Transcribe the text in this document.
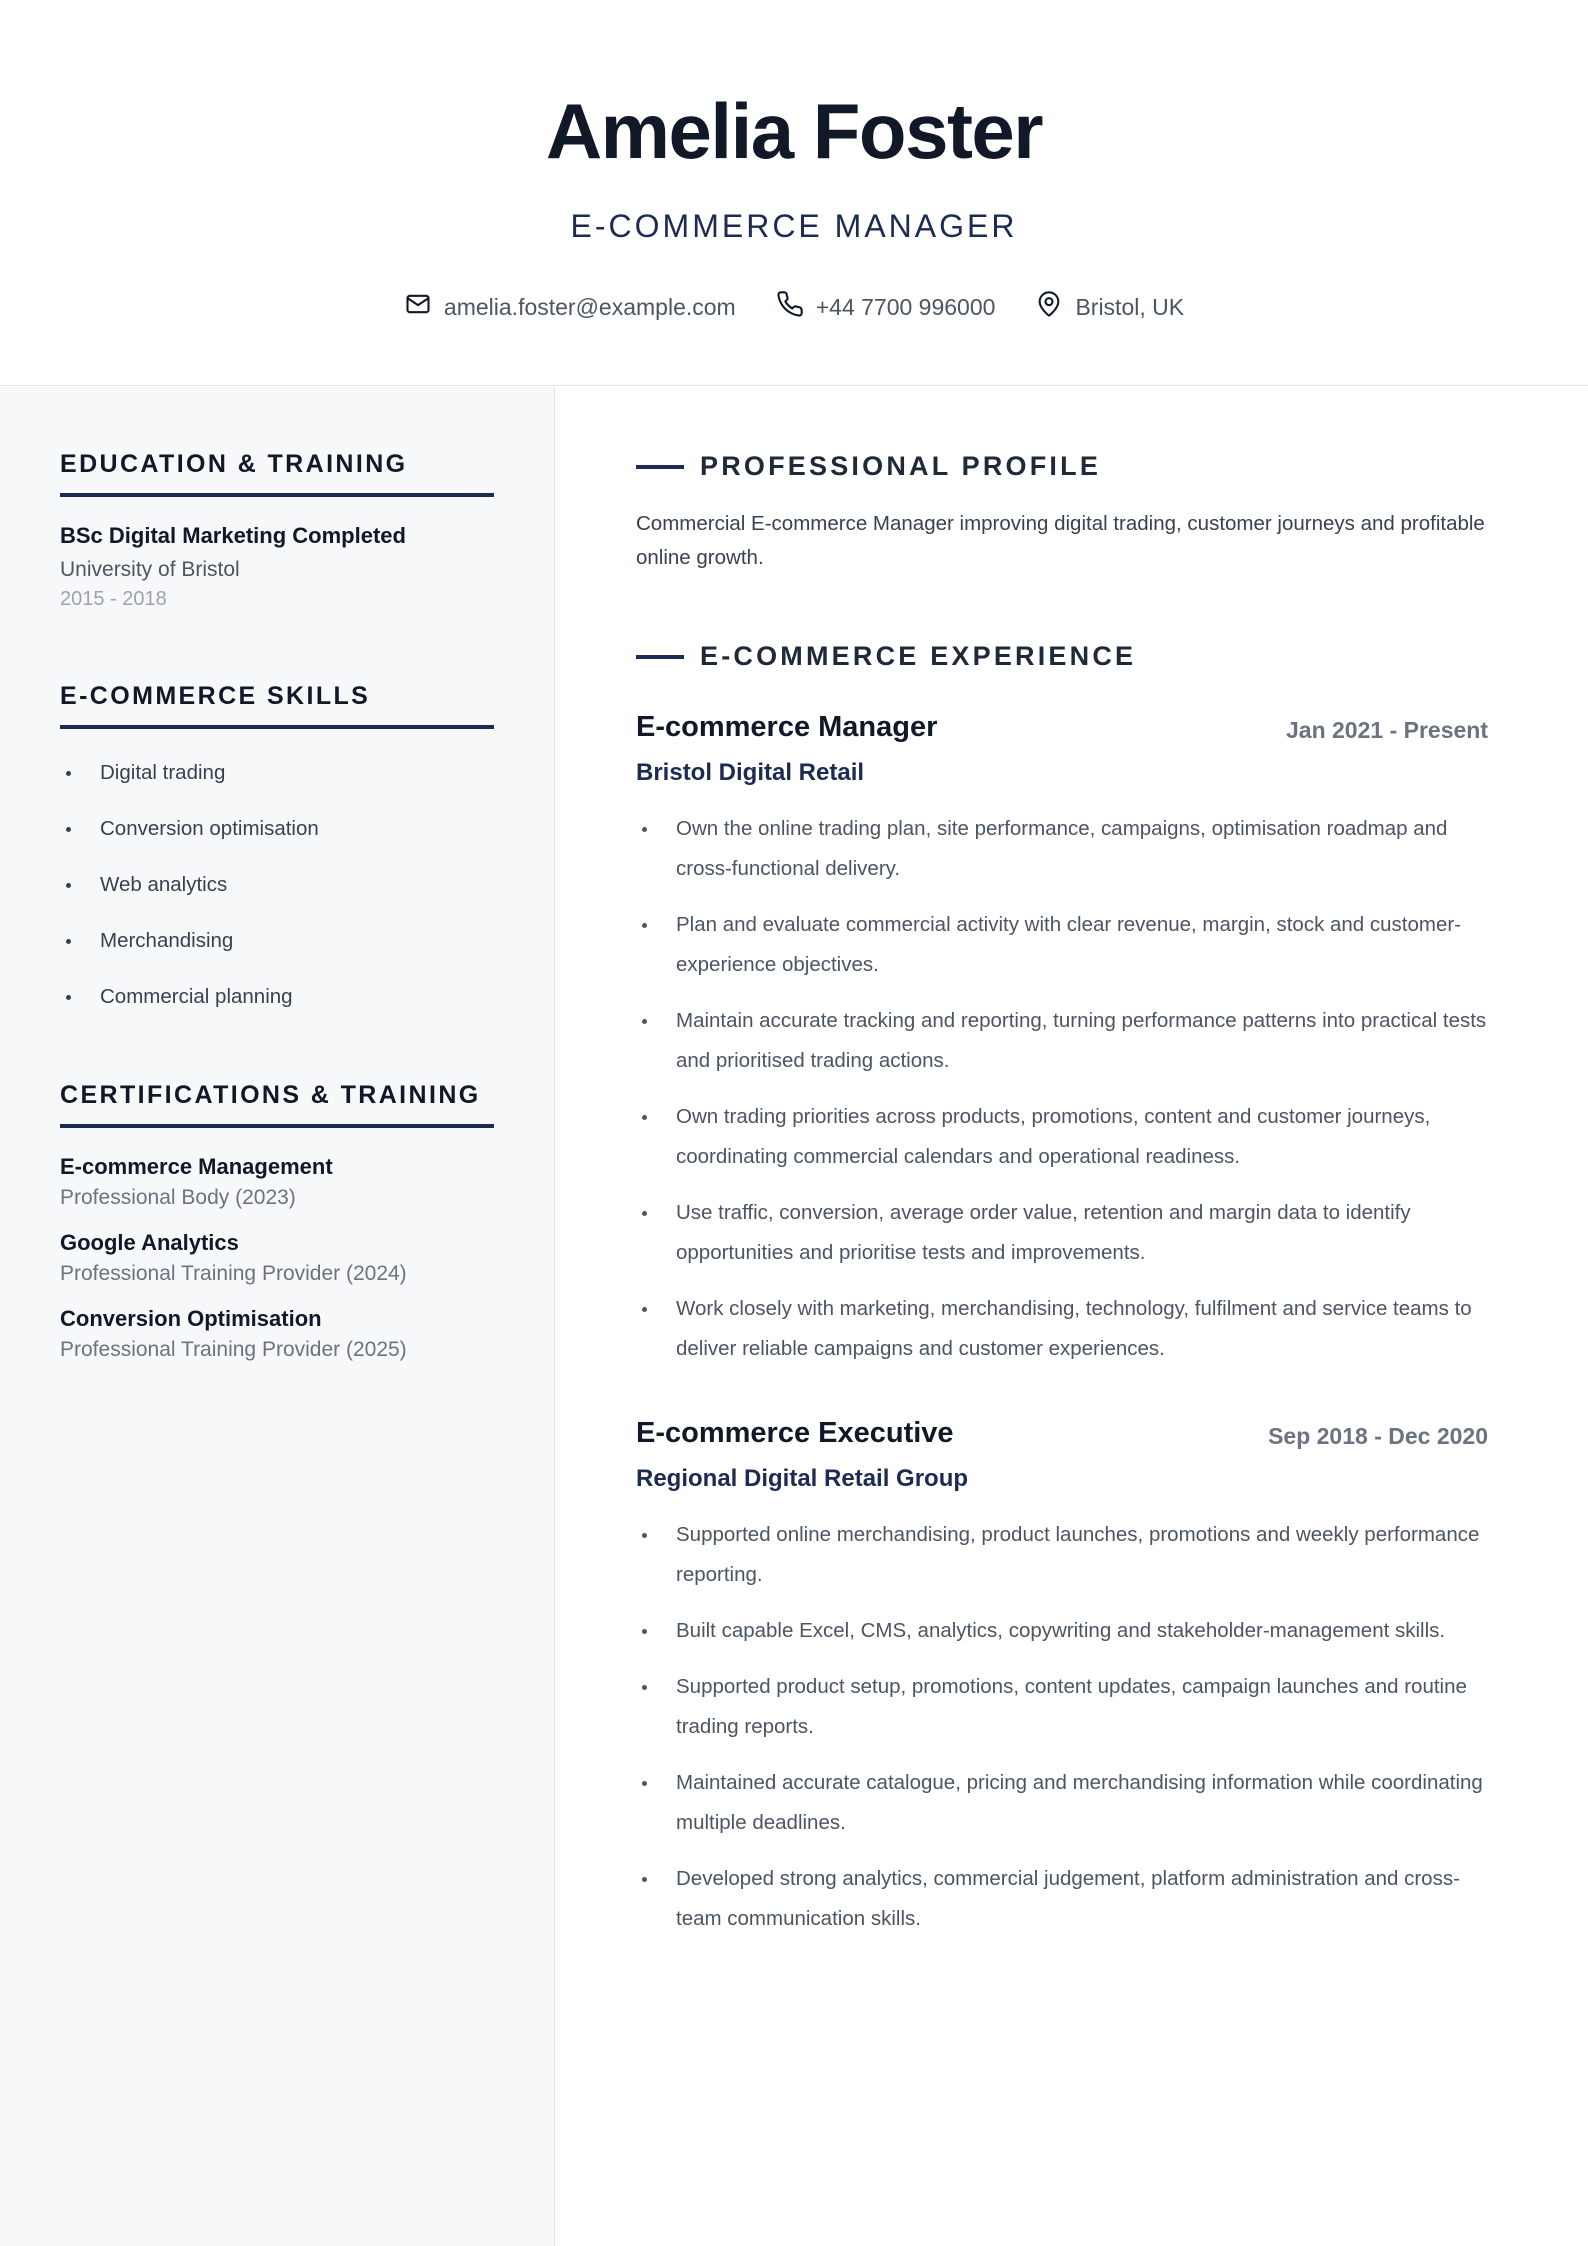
Amelia Foster
E-COMMERCE MANAGER
amelia.foster@example.com	+44 7700 996000	Bristol, UK
EDUCATION & TRAINING
BSc Digital Marketing Completed
University of Bristol
2015 - 2018
E-COMMERCE SKILLS
Digital trading
Conversion optimisation
Web analytics
Merchandising
Commercial planning
CERTIFICATIONS & TRAINING
E-commerce Management
Professional Body (2023)
Google Analytics
Professional Training Provider (2024)
Conversion Optimisation
Professional Training Provider (2025)
PROFESSIONAL PROFILE
Commercial E-commerce Manager improving digital trading, customer journeys and profitable online growth.
E-COMMERCE EXPERIENCE
E-commerce Manager	Jan 2021 - Present
Bristol Digital Retail
Own the online trading plan, site performance, campaigns, optimisation roadmap and cross-functional delivery.
Plan and evaluate commercial activity with clear revenue, margin, stock and customer-experience objectives.
Maintain accurate tracking and reporting, turning performance patterns into practical tests and prioritised trading actions.
Own trading priorities across products, promotions, content and customer journeys, coordinating commercial calendars and operational readiness.
Use traffic, conversion, average order value, retention and margin data to identify opportunities and prioritise tests and improvements.
Work closely with marketing, merchandising, technology, fulfilment and service teams to deliver reliable campaigns and customer experiences.
E-commerce Executive	Sep 2018 - Dec 2020
Regional Digital Retail Group
Supported online merchandising, product launches, promotions and weekly performance reporting.
Built capable Excel, CMS, analytics, copywriting and stakeholder-management skills.
Supported product setup, promotions, content updates, campaign launches and routine trading reports.
Maintained accurate catalogue, pricing and merchandising information while coordinating multiple deadlines.
Developed strong analytics, commercial judgement, platform administration and cross-team communication skills.
